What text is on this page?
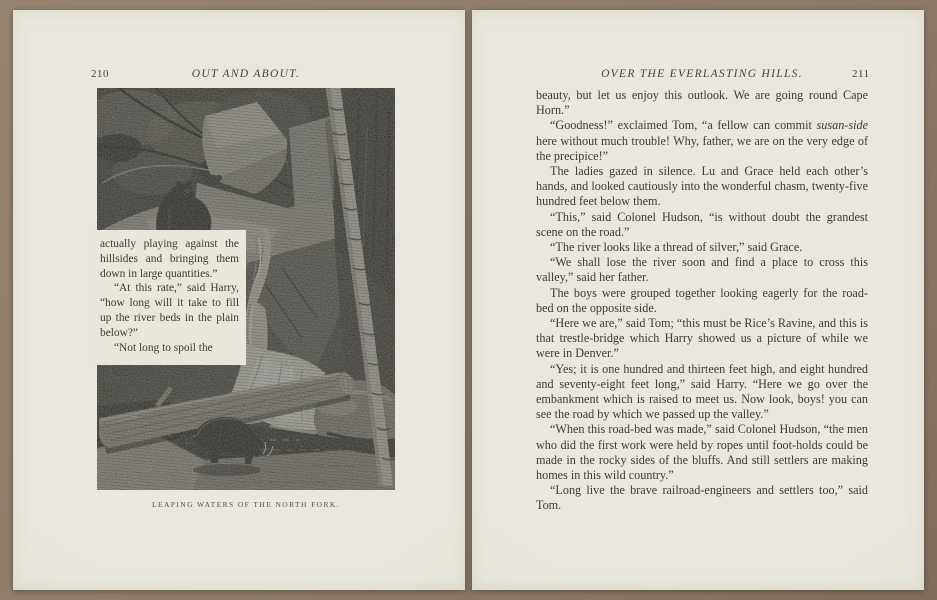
210	OUT AND ABOUT.

actually playing against the hillsides and bringing them down in large quantities.”

“At this rate,” said Harry, “how long will it take to fill up the river beds in the plain below?”

“Not long to spoil the

LEAPING WATERS OF THE NORTH FORK.
OVER THE EVERLASTING HILLS.	211

beauty, but let us enjoy this outlook. We are going round Cape Horn.”

“Goodness!” exclaimed Tom, “a fellow can commit susan-side here without much trouble! Why, father, we are on the very edge of the precipice!”

The ladies gazed in silence. Lu and Grace held each other’s hands, and looked cautiously into the wonderful chasm, twenty-five hundred feet below them.

“This,” said Colonel Hudson, “is without doubt the grandest scene on the road.”

“The river looks like a thread of silver,” said Grace.

“We shall lose the river soon and find a place to cross this valley,” said her father.

The boys were grouped together looking eagerly for the road-bed on the opposite side.

“Here we are,” said Tom; “this must be Rice’s Ravine, and this is that trestle-bridge which Harry showed us a picture of while we were in Denver.”

“Yes; it is one hundred and thirteen feet high, and eight hundred and seventy-eight feet long,” said Harry. “Here we go over the embankment which is raised to meet us. Now look, boys! you can see the road by which we passed up the valley.”

“When this road-bed was made,” said Colonel Hudson, “the men who did the first work were held by ropes until foot-holds could be made in the rocky sides of the bluffs. And still settlers are making homes in this wild country.”

“Long live the brave railroad-engineers and settlers too,” said Tom.
